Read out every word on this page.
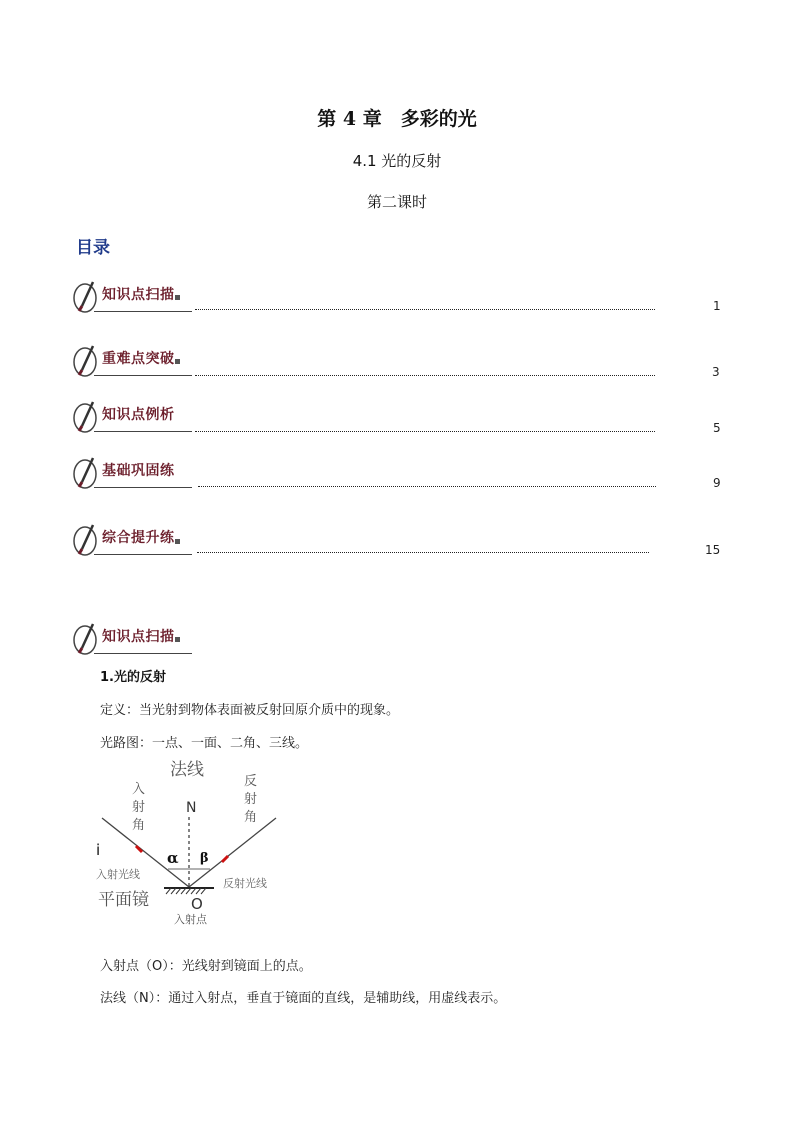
第 4 章　多彩的光
4.1 光的反射
第二课时
目录
知识点扫描
1
重难点突破
3
知识点例析
5
基础巩固练
9
综合提升练
15
知识点扫描
1.光的反射
定义：当光射到物体表面被反射回原介质中的现象。
光路图：一点、一面、二角、三线。
法线
N
入
射
角
反
射
角
α β
i
入射光线
反射光线
平面镜	O
入射点
入射点（O）：光线射到镜面上的点。
法线（N）：通过入射点，垂直于镜面的直线，是辅助线，用虚线表示。
